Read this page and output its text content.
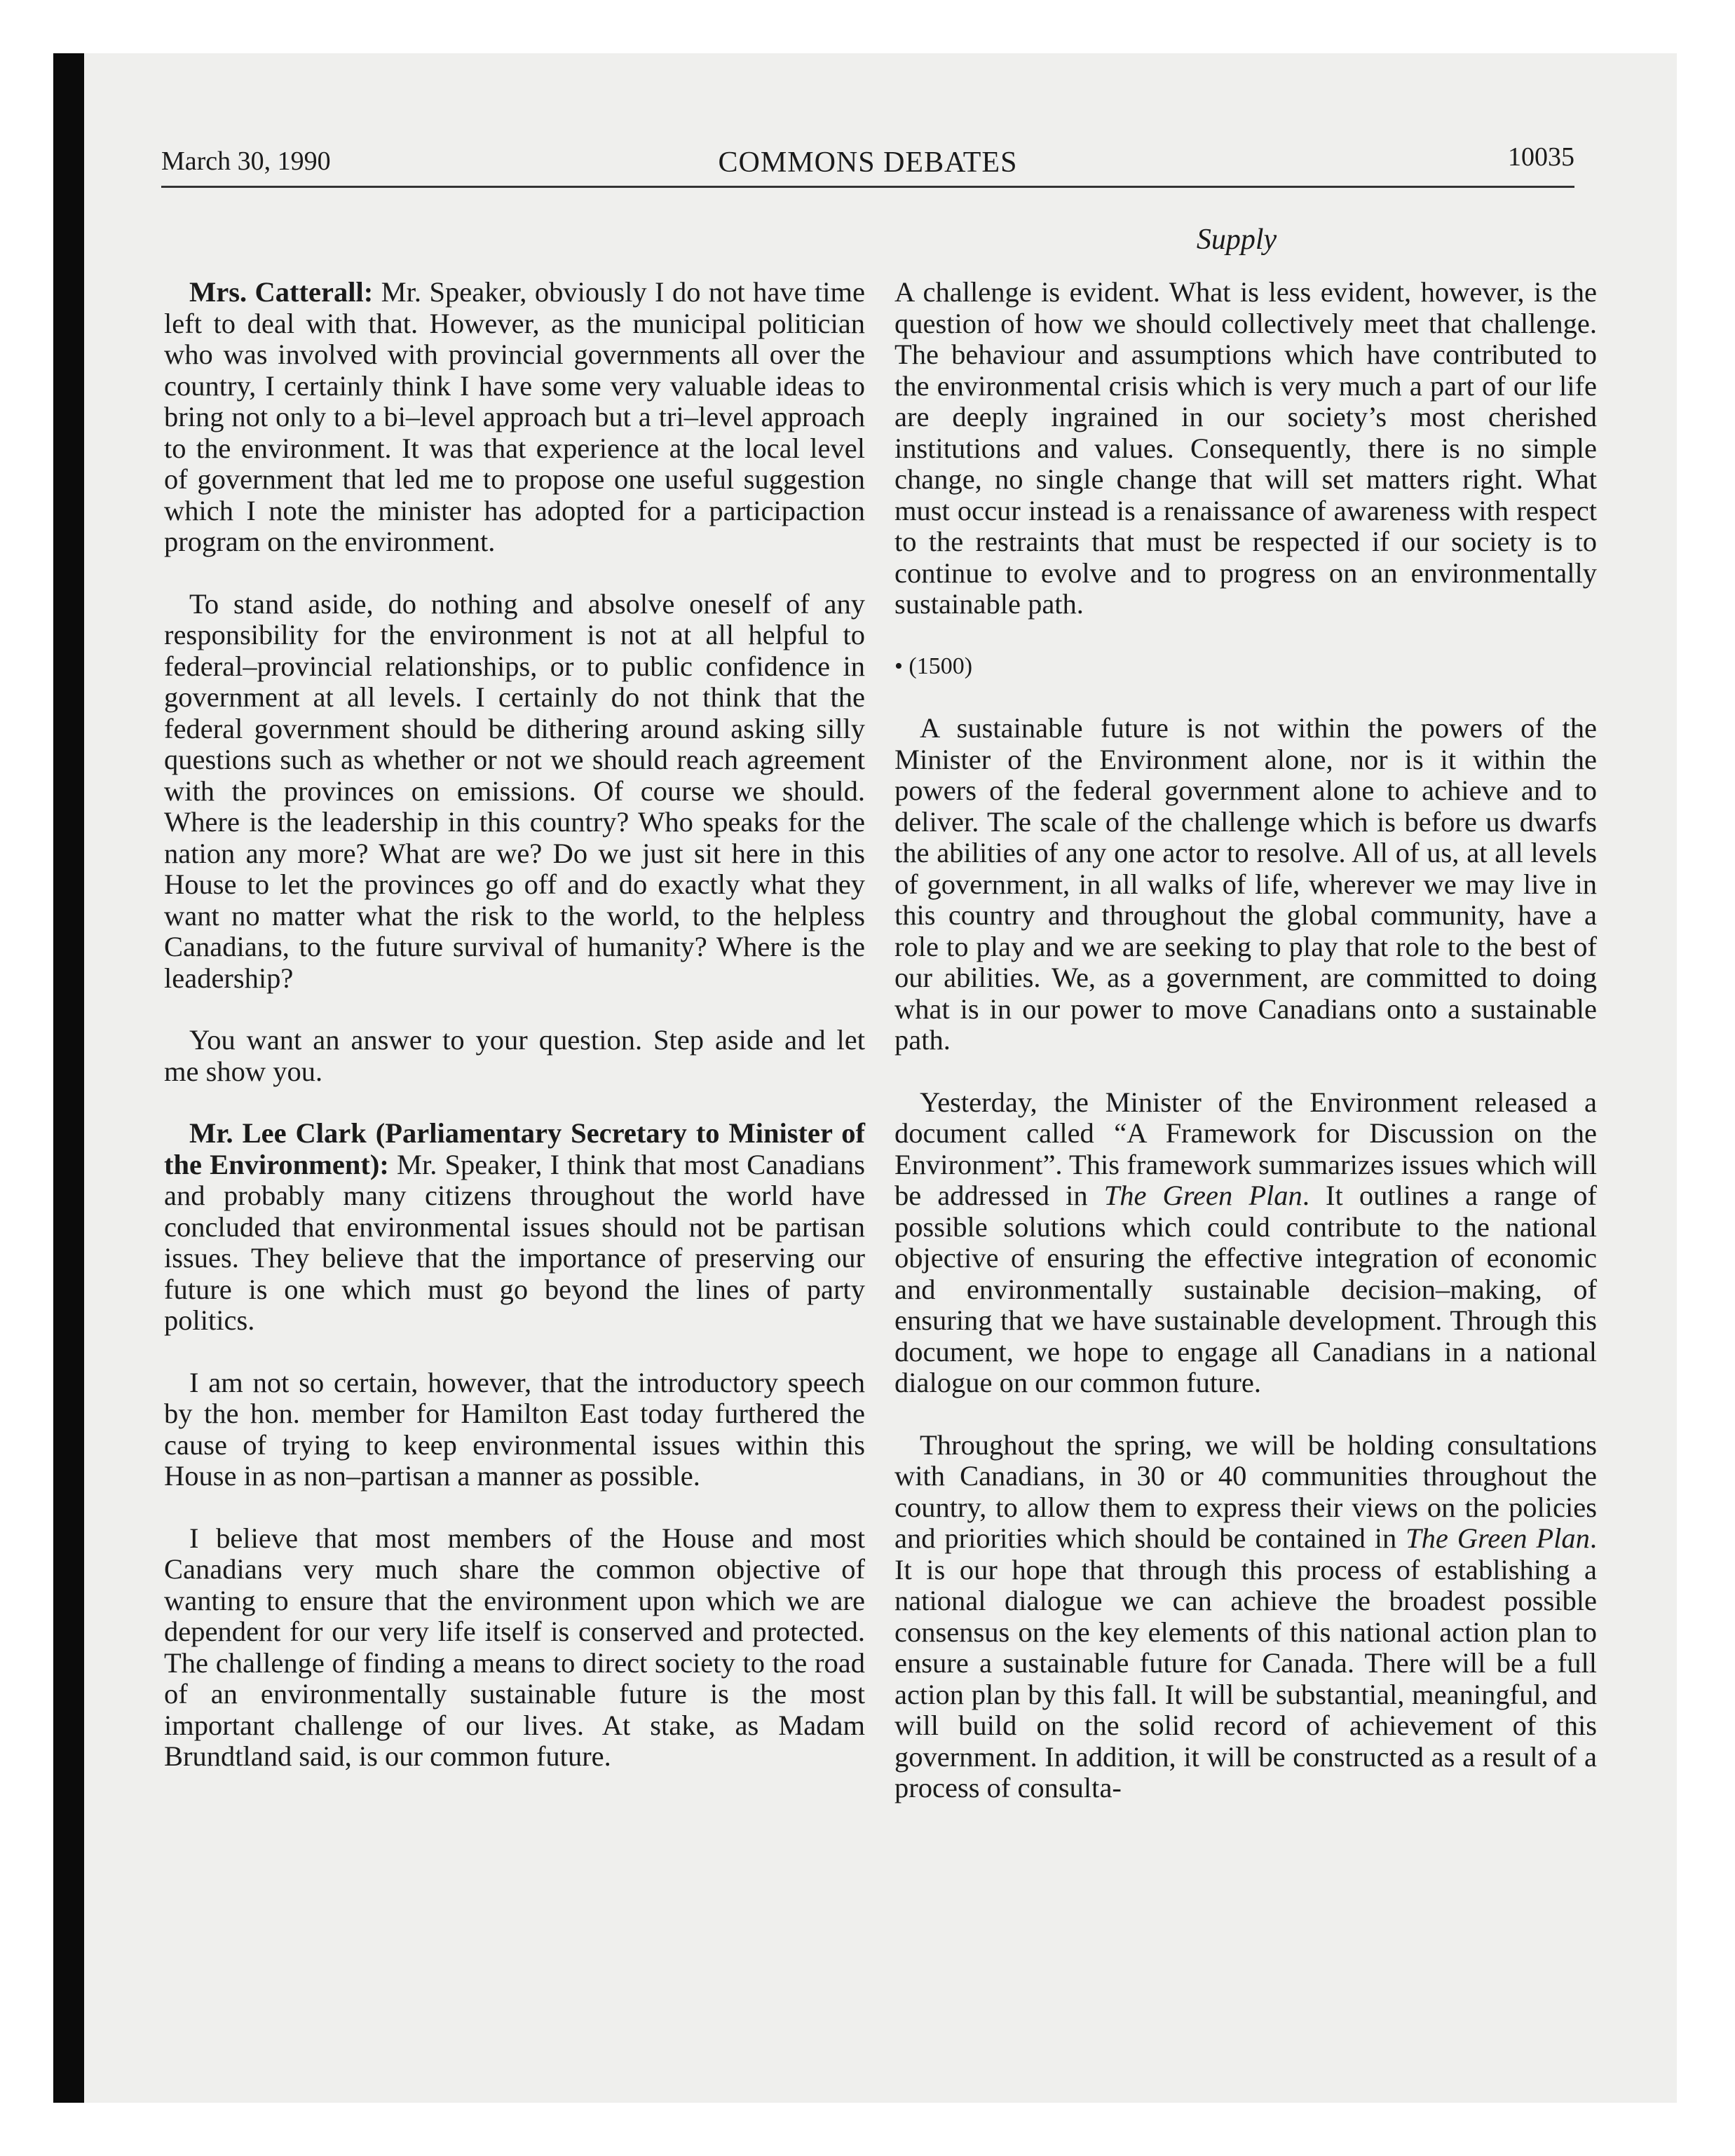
March 30, 1990	COMMONS DEBATES	10035
Supply

Mrs. Catterall: Mr. Speaker, obviously I do not have time left to deal with that. However, as the municipal politician who was involved with provincial governments all over the country, I certainly think I have some very valuable ideas to bring not only to a bi–level approach but a tri–level approach to the environment. It was that experience at the local level of government that led me to propose one useful suggestion which I note the minister has adopted for a participaction program on the environment.

To stand aside, do nothing and absolve oneself of any responsibility for the environment is not at all helpful to federal–provincial relationships, or to public confidence in government at all levels. I certainly do not think that the federal government should be dithering around asking silly questions such as whether or not we should reach agreement with the provinces on emissions. Of course we should. Where is the leadership in this country? Who speaks for the nation any more? What are we? Do we just sit here in this House to let the provinces go off and do exactly what they want no matter what the risk to the world, to the helpless Canadians, to the future survival of humanity? Where is the leadership?

You want an answer to your question. Step aside and let me show you.

Mr. Lee Clark (Parliamentary Secretary to Minister of the Environment): Mr. Speaker, I think that most Canadians and probably many citizens throughout the world have concluded that environmental issues should not be partisan issues. They believe that the importance of preserving our future is one which must go beyond the lines of party politics.

I am not so certain, however, that the introductory speech by the hon. member for Hamilton East today furthered the cause of trying to keep environmental issues within this House in as non–partisan a manner as possible.

I believe that most members of the House and most Canadians very much share the common objective of wanting to ensure that the environment upon which we are dependent for our very life itself is conserved and protected. The challenge of finding a means to direct society to the road of an environmentally sustainable future is the most important challenge of our lives. At stake, as Madam Brundtland said, is our common future.

A challenge is evident. What is less evident, however, is the question of how we should collectively meet that challenge. The behaviour and assumptions which have contributed to the environmental crisis which is very much a part of our life are deeply ingrained in our society’s most cherished institutions and values. Consequently, there is no simple change, no single change that will set matters right. What must occur instead is a renaissance of awareness with respect to the restraints that must be respected if our society is to continue to evolve and to progress on an environmentally sustainable path.

• (1500)

A sustainable future is not within the powers of the Minister of the Environment alone, nor is it within the powers of the federal government alone to achieve and to deliver. The scale of the challenge which is before us dwarfs the abilities of any one actor to resolve. All of us, at all levels of government, in all walks of life, wherever we may live in this country and throughout the global community, have a role to play and we are seeking to play that role to the best of our abilities. We, as a government, are committed to doing what is in our power to move Canadians onto a sustainable path.

Yesterday, the Minister of the Environment released a document called “A Framework for Discussion on the Environment”. This framework summarizes issues which will be addressed in The Green Plan. It outlines a range of possible solutions which could contribute to the national objective of ensuring the effective integration of economic and environmentally sustainable decision–making, of ensuring that we have sustainable development. Through this document, we hope to engage all Canadians in a national dialogue on our common future.

Throughout the spring, we will be holding consultations with Canadians, in 30 or 40 communities throughout the country, to allow them to express their views on the policies and priorities which should be contained in The Green Plan. It is our hope that through this process of establishing a national dialogue we can achieve the broadest possible consensus on the key elements of this national action plan to ensure a sustainable future for Canada. There will be a full action plan by this fall. It will be substantial, meaningful, and will build on the solid record of achievement of this government. In addition, it will be constructed as a result of a process of consulta-
